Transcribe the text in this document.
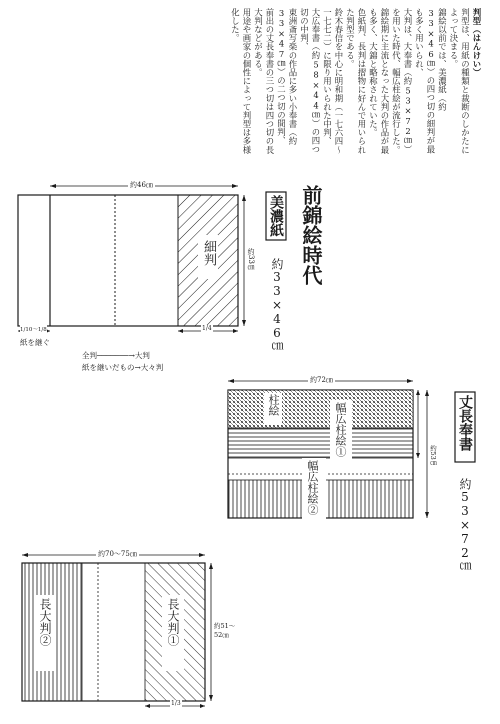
判型（はんけい）
判型は、用紙の種類と裁断のしかたによって決まる。
錦絵以前では、美濃紙（約33×46㎝）の四つ切の細判が最も多く用いられ、
大判は、大奉書（約53×72㎝）を用いた時代、幅広柱絵が流行した。
錦絵期に主流となった大判の作品が最も多く、大錦と略称されていた。
色紙判、長判は摺物に好んで用いられた判型である。
鈴木春信を中心に明和期（一七六四〜一七七二）に限り用いられた中判、
大広奉書（約58×44㎝）の四つ切の中判、
東洲斎写楽の作品に多い小奉書（約33×47㎝）の二つ切の間判、
前出の丈長奉書の三つ切は四つ切の長大判などがある。
用途や画家の個性によって判型は多様化した。
前錦絵時代
美濃紙
約33×46㎝
約46㎝
約33㎝
細判
1/4
1/10〜1/8
紙を継ぐ
全判───────→大判
紙を継いだもの→大々判
丈長奉書
約53×72㎝
約72㎝
約53㎝
柱絵	幅広柱絵①
幅広柱絵②
約70〜75㎝
約51〜52㎝
長大判②	長大判①
1/3
